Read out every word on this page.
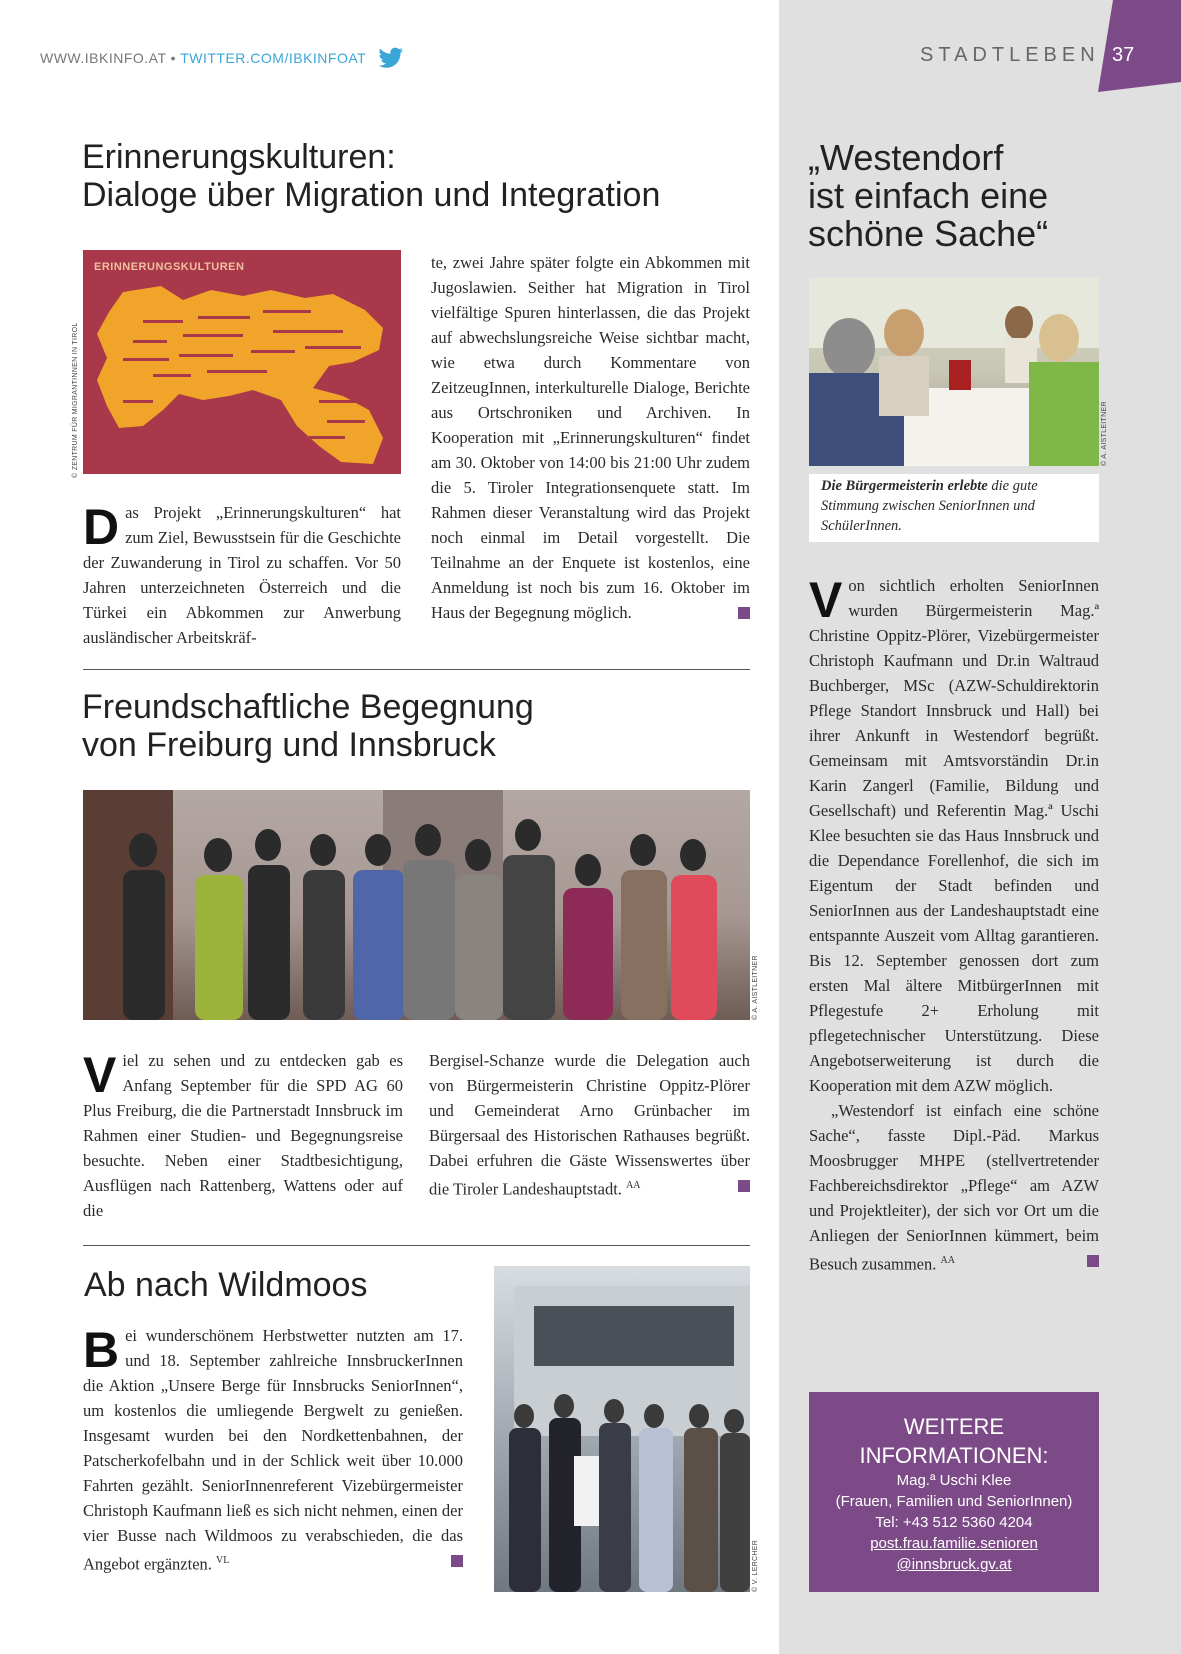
WWW.IBKINFO.AT • TWITTER.COM/IBKINFOAT	STADTLEBEN 37
Erinnerungskulturen:
Dialoge über Migration und Integration
ERINNERUNGSKULTUREN
© ZENTRUM FÜR MIGRANTINNEN IN TIROL

Das Projekt „Erinnerungskulturen“ hat zum Ziel, Bewusstsein für die Geschichte der Zuwanderung in Tirol zu schaffen. Vor 50 Jahren unterzeichneten Österreich und die Türkei ein Abkommen zur Anwerbung ausländischer Arbeitskräf-

te, zwei Jahre später folgte ein Abkommen mit Jugoslawien. Seither hat Migration in Tirol vielfältige Spuren hinterlassen, die das Projekt auf abwechslungsreiche Weise sichtbar macht, wie etwa durch Kommentare von ZeitzeugInnen, interkulturelle Dialoge, Berichte aus Ortschroniken und Archiven. In Kooperation mit „Erinnerungskulturen“ findet am 30. Oktober von 14:00 bis 21:00 Uhr zudem die 5. Tiroler Integrationsenquete statt. Im Rahmen dieser Veranstaltung wird das Projekt noch einmal im Detail vorgestellt. Die Teilnahme an der Enquete ist kostenlos, eine Anmeldung ist noch bis zum 16. Oktober im Haus der Begegnung möglich.

Freundschaftliche Begegnung
von Freiburg und Innsbruck
© A. AISTLEITNER

Viel zu sehen und zu entdecken gab es Anfang September für die SPD AG 60 Plus Freiburg, die die Partnerstadt Innsbruck im Rahmen einer Studien- und Begegnungsreise besuchte. Neben einer Stadtbesichtigung, Ausflügen nach Rattenberg, Wattens oder auf die

Bergisel-Schanze wurde die Delegation auch von Bürgermeisterin Christine Oppitz-Plörer und Gemeinderat Arno Grünbacher im Bürgersaal des Historischen Rathauses begrüßt. Dabei erfuhren die Gäste Wissenswertes über die Tiroler Landeshauptstadt. $^{AA}$

Ab nach Wildmoos

Bei wunderschönem Herbstwetter nutzten am 17. und 18. September zahlreiche InnsbruckerInnen die Aktion „Unsere Berge für Innsbrucks SeniorInnen“, um kostenlos die umliegende Bergwelt zu genießen. Insgesamt wurden bei den Nordkettenbahnen, der Patscherkofelbahn und in der Schlick weit über 10.000 Fahrten gezählt. SeniorInnenreferent Vizebürgermeister Christoph Kaufmann ließ es sich nicht nehmen, einen der vier Busse nach Wildmoos zu verabschieden, die das Angebot ergänzten. $^{VL}$	© V. LERCHER
„Westendorf
ist einfach eine
schöne Sache“
© A. AISTLEITNER
Die Bürgermeisterin erlebte die gute Stimmung zwischen SeniorInnen und SchülerInnen.

Von sichtlich erholten SeniorInnen wurden Bürgermeisterin Mag.ª Christine Oppitz-Plörer, Vizebürgermeister Christoph Kaufmann und Dr.in Waltraud Buchberger, MSc (AZW-Schuldirektorin Pflege Standort Innsbruck und Hall) bei ihrer Ankunft in Westendorf begrüßt. Gemeinsam mit Amtsvorständin Dr.in Karin Zangerl (Familie, Bildung und Gesellschaft) und Referentin Mag.ª Uschi Klee besuchten sie das Haus Innsbruck und die Dependance Forellenhof, die sich im Eigentum der Stadt befinden und SeniorInnen aus der Landeshauptstadt eine entspannte Auszeit vom Alltag garantieren. Bis 12. September genossen dort zum ersten Mal ältere MitbürgerInnen mit Pflegestufe 2+ Erholung mit pflegetechnischer Unterstützung. Diese Angebotserweiterung ist durch die Kooperation mit dem AZW möglich.

„Westendorf ist einfach eine schöne Sache“, fasste Dipl.-Päd. Markus Moosbrugger MHPE (stellvertretender Fachbereichsdirektor „Pflege“ am AZW und Projektleiter), der sich vor Ort um die Anliegen der SeniorInnen kümmert, beim Besuch zusammen. $^{AA}$

WEITERE
INFORMATIONEN:
Mag.ª Uschi Klee
(Frauen, Familien und SeniorInnen)
Tel: +43 512 5360 4204
post.frau.familie.senioren
@innsbruck.gv.at
